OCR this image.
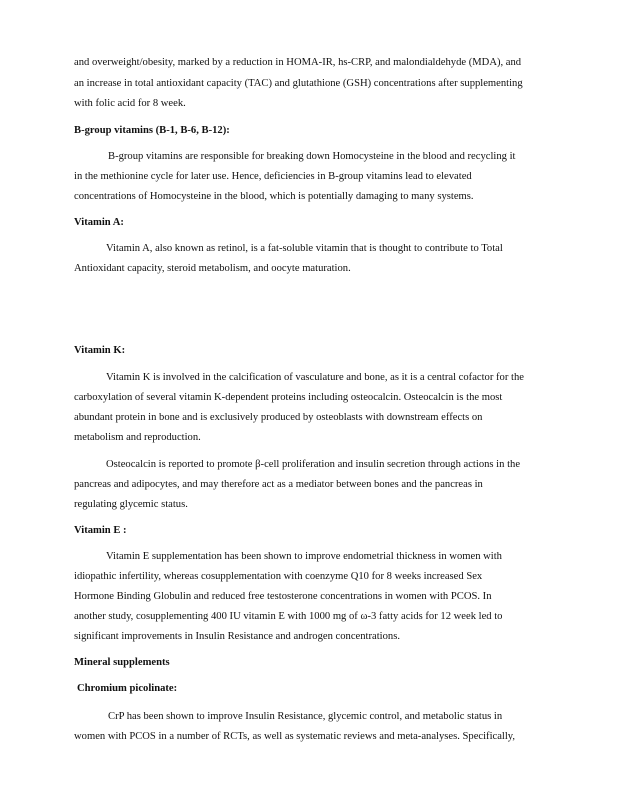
and overweight/obesity, marked by a reduction in HOMA-IR, hs-CRP, and malondialdehyde (MDA), and
an increase in total antioxidant capacity (TAC) and glutathione (GSH) concentrations after supplementing
with folic acid for 8 week.
B-group vitamins (B-1, B-6, B-12):
B-group vitamins are responsible for breaking down Homocysteine in the blood and recycling it
in the methionine cycle for later use. Hence, deficiencies in B-group vitamins lead to elevated
concentrations of Homocysteine in the blood, which is potentially damaging to many systems.
Vitamin A:
Vitamin A, also known as retinol, is a fat-soluble vitamin that is thought to contribute to Total
Antioxidant capacity, steroid metabolism, and oocyte maturation.
Vitamin K:
Vitamin K is involved in the calcification of vasculature and bone, as it is a central cofactor for the
carboxylation of several vitamin K-dependent proteins including osteocalcin. Osteocalcin is the most
abundant protein in bone and is exclusively produced by osteoblasts with downstream effects on
metabolism and reproduction.
Osteocalcin is reported to promote β-cell proliferation and insulin secretion through actions in the
pancreas and adipocytes, and may therefore act as a mediator between bones and the pancreas in
regulating glycemic status.
Vitamin E :
Vitamin E supplementation has been shown to improve endometrial thickness in women with
idiopathic infertility, whereas cosupplementation with coenzyme Q10 for 8 weeks increased Sex
Hormone Binding Globulin and reduced free testosterone concentrations in women with PCOS. In
another study, cosupplementing 400 IU vitamin E with 1000 mg of ω-3 fatty acids for 12 week led to
significant improvements in Insulin Resistance and androgen concentrations.
Mineral supplements
Chromium picolinate:
CrP has been shown to improve Insulin Resistance, glycemic control, and metabolic status in
women with PCOS in a number of RCTs, as well as systematic reviews and meta-analyses. Specifically,
